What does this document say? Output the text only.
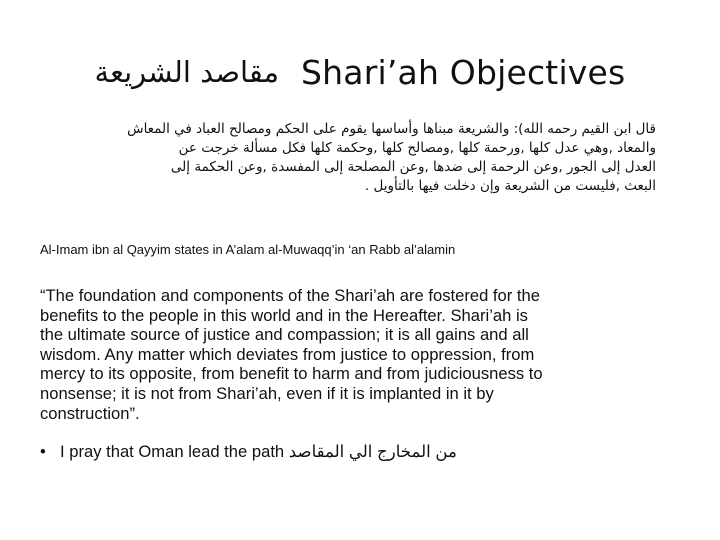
مقاصد الشريعة Shari’ah Objectives
قال ابن القيم رحمه الله): والشريعة مبناها وأساسها يقوم على الحكم ومصالح العباد في المعاش
والمعاد ,وهي عدل كلها ,ورحمة كلها ,ومصالح كلها ,وحكمة كلها فكل مسألة خرجت عن
العدل إلى الجور ,وعن الرحمة إلى ضدها ,وعن المصلحة إلى المفسدة ,وعن الحكمة إلى
البعث ,فليست من الشريعة وإن دخلت فيها بالتأويل .
Al-Imam ibn al Qayyim states in A’alam al-Muwaqq’in ‘an Rabb al’alamin
“The foundation and components of the Shari’ah are fostered for the
benefits to the people in this world and in the Hereafter. Shari’ah is
the ultimate source of justice and compassion; it is all gains and all
wisdom. Any matter which deviates from justice to oppression, from
mercy to its opposite, from benefit to harm and from judiciousness to
nonsense; it is not from Shari’ah, even if it is implanted in it by
construction”.
• I pray that Oman lead the path من المخارج الي المقاصد
